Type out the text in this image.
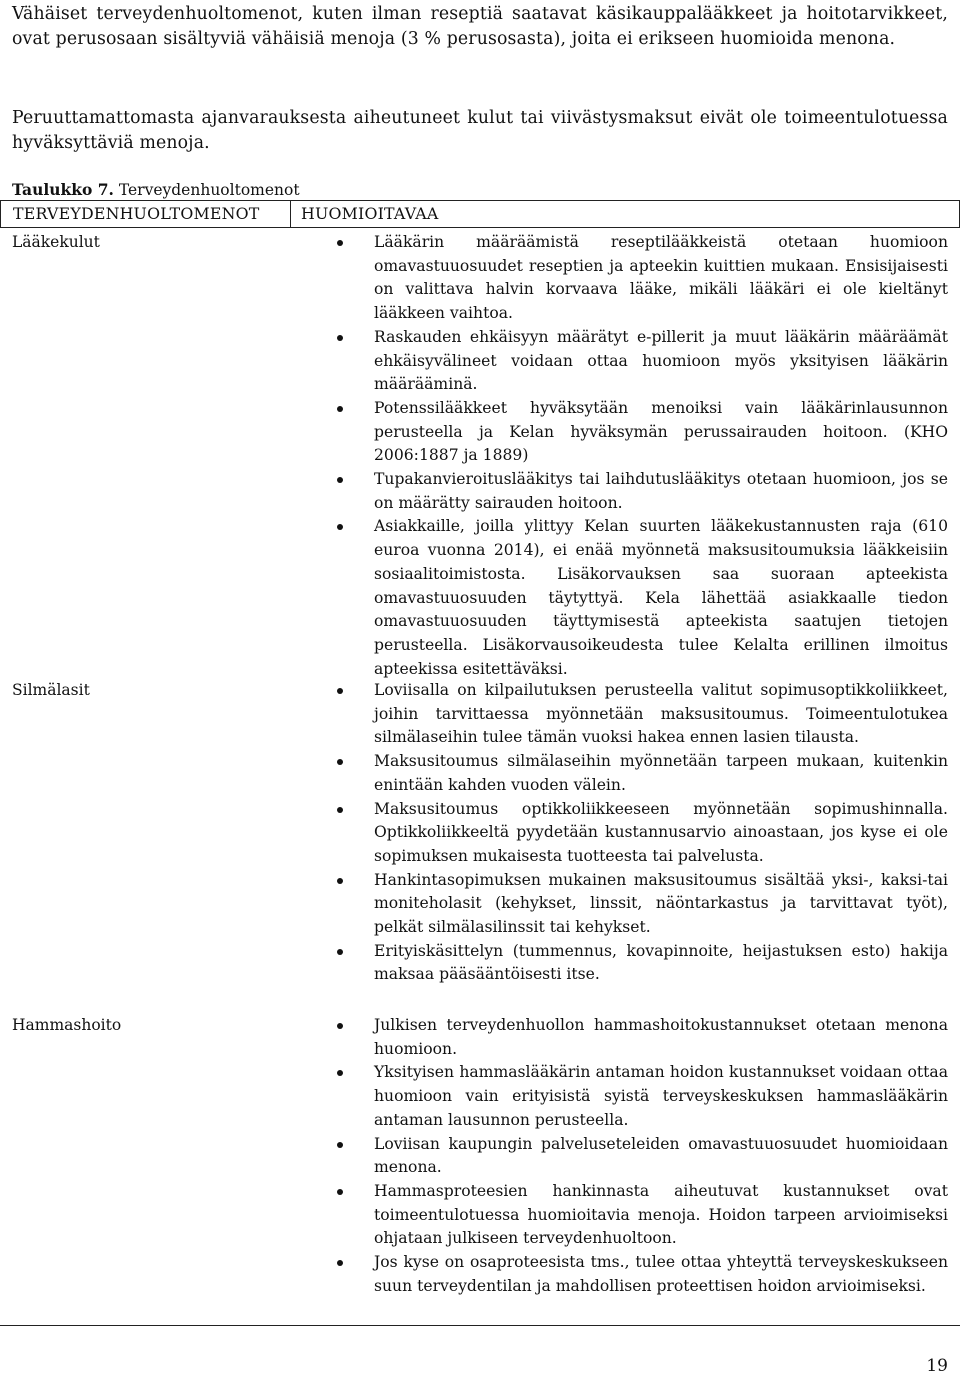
Vähäiset terveydenhuoltomenot, kuten ilman reseptiä saatavat käsikauppalääkkeet ja hoitotarvikkeet, ovat perusosaan sisältyviä vähäisiä menoja (3 % perusosasta), joita ei erikseen huomioida menona.

Peruuttamattomasta ajanvarauksesta aiheutuneet kulut tai viivästysmaksut eivät ole toimeentulotuessa hyväksyttäviä menoja.

Taulukko 7. Terveydenhuoltomenot

TERVEYDENHUOLTOMENOT	HUOMIOITAVAA
Lääkekulut	Lääkärin määräämistä reseptilääkkeistä otetaan huomioon omavastuuosuudet reseptien ja apteekin kuittien mukaan. Ensisijaisesti on valittava halvin korvaava lääke, mikäli lääkäri ei ole kieltänyt lääkkeen vaihtoa.
Raskauden ehkäisyyn määrätyt e-pillerit ja muut lääkärin määräämät ehkäisyvälineet voidaan ottaa huomioon myös yksityisen lääkärin määrääminä.
Potenssilääkkeet hyväksytään menoiksi vain lääkärinlausunnon perusteella ja Kelan hyväksymän perussairauden hoitoon. (KHO 2006:1887 ja 1889)
Tupakanvieroituslääkitys tai laihdutuslääkitys otetaan huomioon, jos se on määrätty sairauden hoitoon.
Asiakkaille, joilla ylittyy Kelan suurten lääkekustannusten raja (610 euroa vuonna 2014), ei enää myönnetä maksusitoumuksia lääkkeisiin sosiaalitoimistosta. Lisäkorvauksen saa suoraan apteekista omavastuuosuuden täytyttyä. Kela lähettää asiakkaalle tiedon omavastuuosuuden täyttymisestä apteekista saatujen tietojen perusteella. Lisäkorvausoikeudesta tulee Kelalta erillinen ilmoitus apteekissa esitettäväksi.
Silmälasit	Loviisalla on kilpailutuksen perusteella valitut sopimusoptikkoliikkeet, joihin tarvittaessa myönnetään maksusitoumus. Toimeentulotukea silmälaseihin tulee tämän vuoksi hakea ennen lasien tilausta.
Maksusitoumus silmälaseihin myönnetään tarpeen mukaan, kuitenkin enintään kahden vuoden välein.
Maksusitoumus optikkoliikkeeseen myönnetään sopimushinnalla. Optikkoliikkeeltä pyydetään kustannusarvio ainoastaan, jos kyse ei ole sopimuksen mukaisesta tuotteesta tai palvelusta.
Hankintasopimuksen mukainen maksusitoumus sisältää yksi-, kaksi-tai moniteholasit (kehykset, linssit, näöntarkastus ja tarvittavat työt), pelkät silmälasilinssit tai kehykset.
Erityiskäsittelyn (tummennus, kovapinnoite, heijastuksen esto) hakija maksaa pääsääntöisesti itse.
Hammashoito	Julkisen terveydenhuollon hammashoitokustannukset otetaan menona huomioon.
Yksityisen hammaslääkärin antaman hoidon kustannukset voidaan ottaa huomioon vain erityisistä syistä terveyskeskuksen hammaslääkärin antaman lausunnon perusteella.
Loviisan kaupungin palveluseteleiden omavastuuosuudet huomioidaan menona.
Hammasproteesien hankinnasta aiheutuvat kustannukset ovat toimeentulotuessa huomioitavia menoja. Hoidon tarpeen arvioimiseksi ohjataan julkiseen terveydenhuoltoon.
Jos kyse on osaproteesista tms., tulee ottaa yhteyttä terveyskeskukseen suun terveydentilan ja mahdollisen proteettisen hoidon arvioimiseksi.
19
